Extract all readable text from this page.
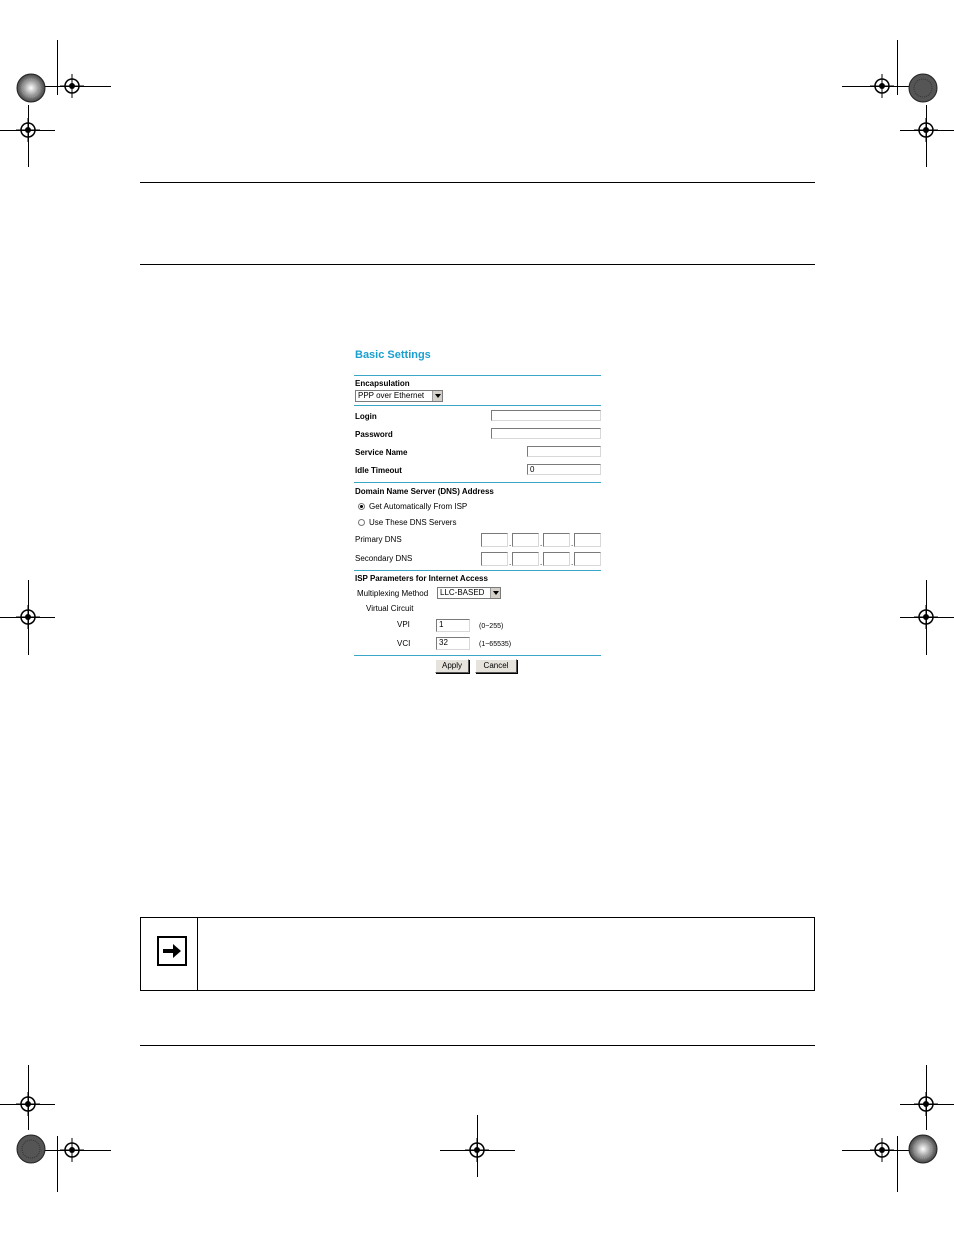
Basic Settings
Encapsulation
PPP over Ethernet
Login
Password
Service Name
Idle Timeout	0
Domain Name Server (DNS) Address
Get Automatically From ISP
Use These DNS Servers
Primary DNS	.	.	.
Secondary DNS	.	.	.
ISP Parameters for Internet Access
Multiplexing Method	LLC-BASED
Virtual Circuit
VPI	1	(0~255)
VCI	32	(1~65535)
Apply	Cancel
